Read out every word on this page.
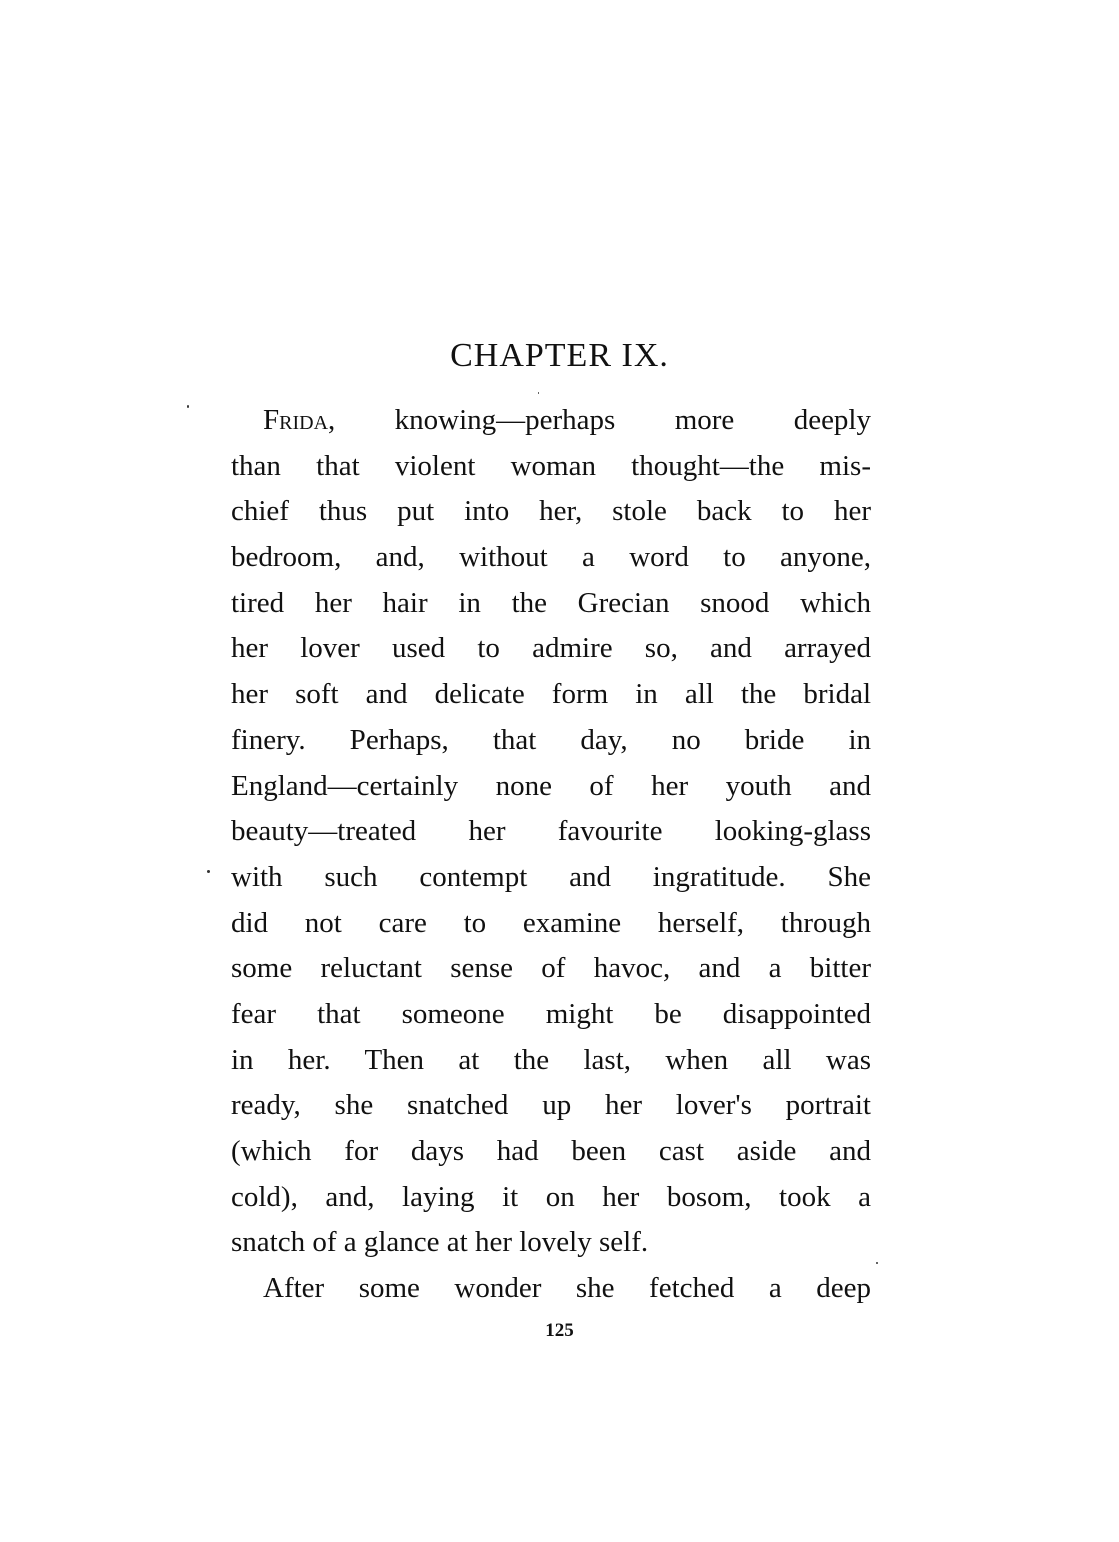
CHAPTER IX.
Frida, knowing—perhaps more deeply
than that violent woman thought—the mis-
chief thus put into her, stole back to her
bedroom, and, without a word to anyone,
tired her hair in the Grecian snood which
her lover used to admire so, and arrayed
her soft and delicate form in all the bridal
finery. Perhaps, that day, no bride in
England—certainly none of her youth and
beauty—treated her favourite looking-glass
with such contempt and ingratitude. She
did not care to examine herself, through
some reluctant sense of havoc, and a bitter
fear that someone might be disappointed
in her. Then at the last, when all was
ready, she snatched up her lover's portrait
(which for days had been cast aside and
cold), and, laying it on her bosom, took a
snatch of a glance at her lovely self.
After some wonder she fetched a deep
125
